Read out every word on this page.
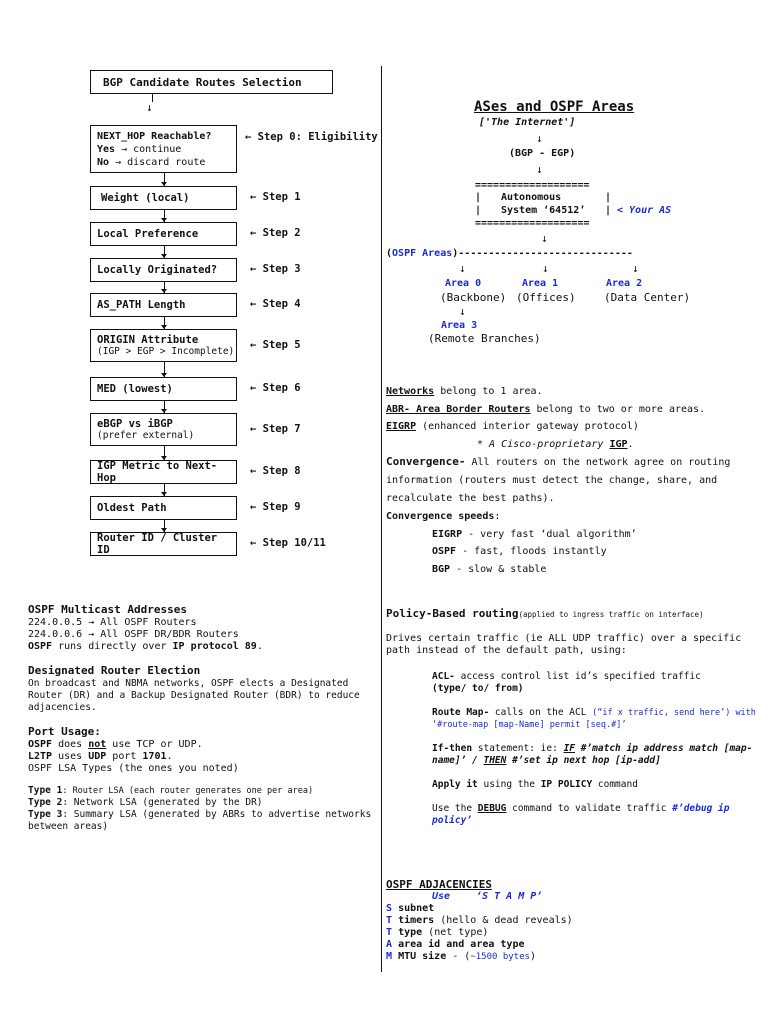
BGP Candidate Routes Selection
↓
NEXT_HOP Reachable?
Yes → continue
No → discard route
← Step 0: Eligibility
Weight (local)	← Step 1
Local Preference	← Step 2
Locally Originated?	← Step 3
AS_PATH Length	← Step 4
ORIGIN Attribute
(IGP > EGP > Incomplete) ← Step 5
MED (lowest)	← Step 6
eBGP vs iBGP
(prefer external)	← Step 7
IGP Metric to Next-Hop
← Step 8
Oldest Path	← Step 9
Router ID / Cluster ID
← Step 10/11
OSPF Multicast Addresses
224.0.0.5 → All OSPF Routers
224.0.0.6 → All OSPF DR/BDR Routers
OSPF runs directly over IP protocol 89.
Designated Router Election
On broadcast and NBMA networks, OSPF elects a Designated Router (DR) and a Backup Designated Router (BDR) to reduce adjacencies.
Port Usage:
OSPF does not use TCP or UDP.
L2TP uses UDP port 1701.
OSPF LSA Types (the ones you noted)
Type 1: Router LSA (each router generates one per area)
Type 2: Network LSA (generated by the DR)
Type 3: Summary LSA (generated by ABRs to advertise networks between areas)
ASes and OSPF Areas
['The Internet']
↓
(BGP - EGP)
↓
===================
| Autonomous	|
| System ‘64512’ | < Your AS
===================
↓
(OSPF Areas)-----------------------------
↓	↓	↓
Area 0	Area 1	Area 2
(Backbone) (Offices)	(Data Center)
↓
Area 3
(Remote Branches)
Networks belong to 1 area.
ABR- Area Border Routers belong to two or more areas.
EIGRP (enhanced interior gateway protocol)
* A Cisco-proprietary IGP.
Convergence- All routers on the network agree on routing information (routers must detect the change, share, and recalculate the best paths).
Convergence speeds:
EIGRP - very fast ‘dual algorithm’
OSPF - fast, floods instantly
BGP - slow & stable
Policy-Based routing(applied to ingress traffic on interface)
Drives certain traffic (ie ALL UDP traffic) over a specific path instead of the default path, using:
ACL- access control list id’s specified traffic
(type/ to/ from)
Route Map- calls on the ACL (“if x traffic, send here’) with ‘#route-map [map-Name] permit [seq.#]’
If-then statement: ie: IF #’match ip address match [map-name]’ / THEN #’set ip next hop [ip-add]
Apply it using the IP POLICY command
Use the DEBUG command to validate traffic #’debug ip policy’
OSPF ADJACENCIES
Use	‘S T A M P’
S subnet
T timers (hello & dead reveals)
T type (net type)
A area id and area type
M MTU size - (~1500 bytes)
